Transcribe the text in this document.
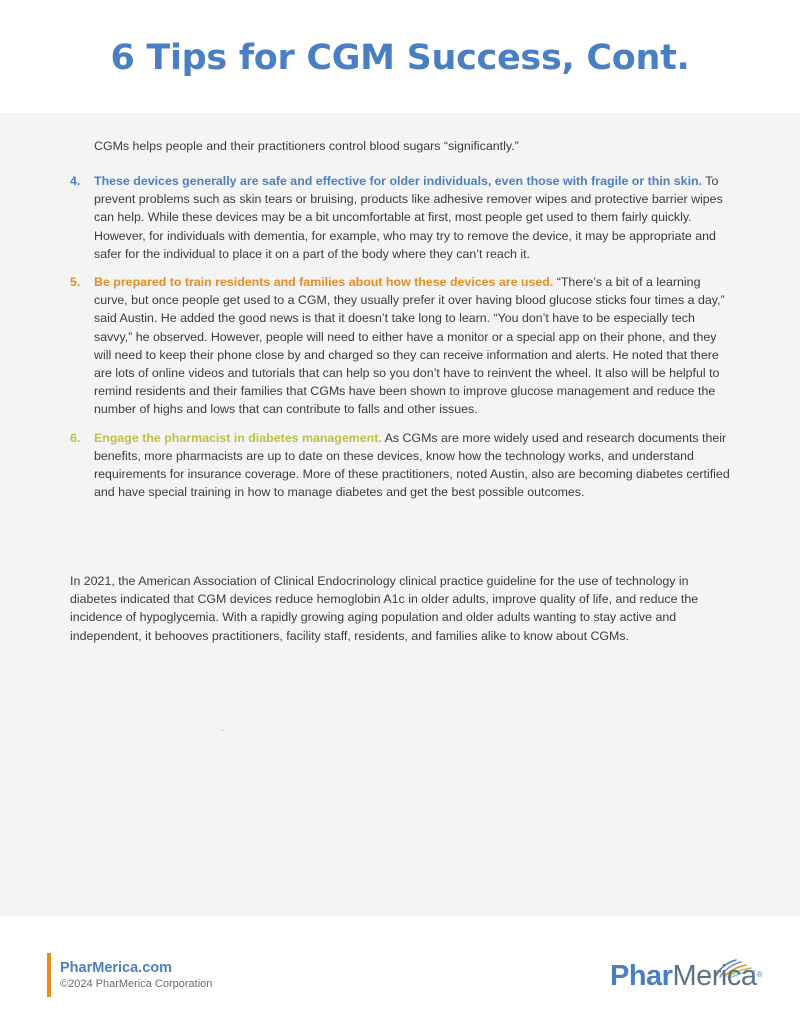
6 Tips for CGM Success, Cont.
CGMs helps people and their practitioners control blood sugars “significantly.”
4. These devices generally are safe and effective for older individuals, even those with fragile or thin skin. To prevent problems such as skin tears or bruising, products like adhesive remover wipes and protective barrier wipes can help. While these devices may be a bit uncomfortable at first, most people get used to them fairly quickly. However, for individuals with dementia, for example, who may try to remove the device, it may be appropriate and safer for the individual to place it on a part of the body where they can’t reach it.
5. Be prepared to train residents and families about how these devices are used. “There’s a bit of a learning curve, but once people get used to a CGM, they usually prefer it over having blood glucose sticks four times a day,” said Austin. He added the good news is that it doesn’t take long to learn. “You don’t have to be especially tech savvy,” he observed. However, people will need to either have a monitor or a special app on their phone, and they will need to keep their phone close by and charged so they can receive information and alerts. He noted that there are lots of online videos and tutorials that can help so you don’t have to reinvent the wheel. It also will be helpful to remind residents and their families that CGMs have been shown to improve glucose management and reduce the number of highs and lows that can contribute to falls and other issues.
6. Engage the pharmacist in diabetes management. As CGMs are more widely used and research documents their benefits, more pharmacists are up to date on these devices, know how the technology works, and understand requirements for insurance coverage. More of these practitioners, noted Austin, also are becoming diabetes certified and have special training in how to manage diabetes and get the best possible outcomes.
In 2021, the American Association of Clinical Endocrinology clinical practice guideline for the use of technology in diabetes indicated that CGM devices reduce hemoglobin A1c in older adults, improve quality of life, and reduce the incidence of hypoglycemia. With a rapidly growing aging population and older adults wanting to stay active and independent, it behooves practitioners, facility staff, residents, and families alike to know about CGMs.
PharMerica.com
©2024 PharMerica Corporation	PharMerica®
